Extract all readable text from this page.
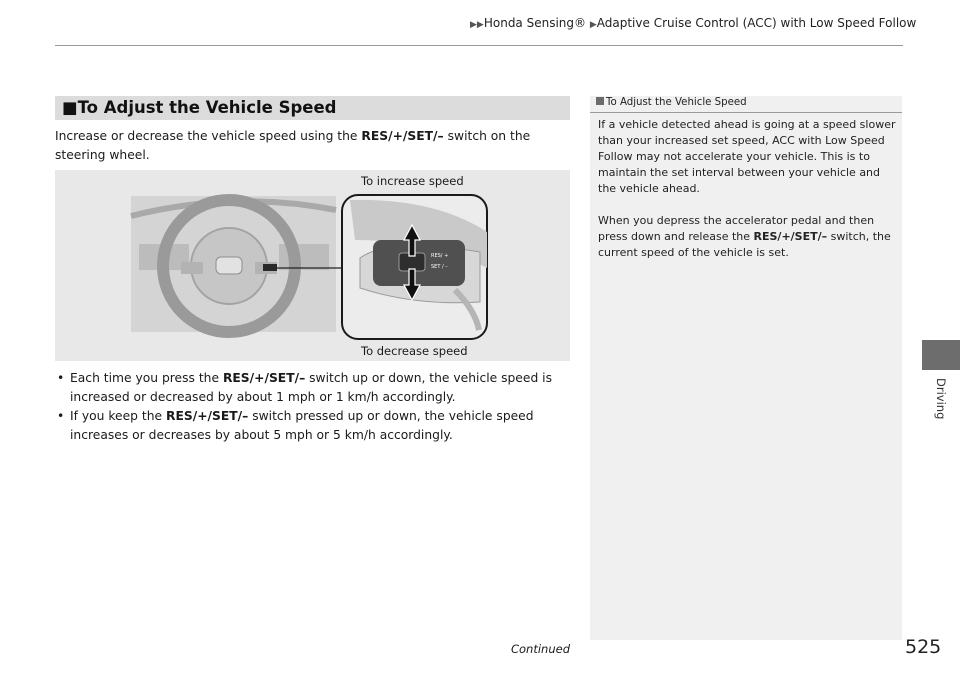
▶▶Honda Sensing® ▶Adaptive Cruise Control (ACC) with Low Speed Follow
■To Adjust the Vehicle Speed
Increase or decrease the vehicle speed using the RES/+/SET/– switch on the steering wheel.
RES/ +
SET / –
To increase speed
To decrease speed
• Each time you press the RES/+/SET/– switch up or down, the vehicle speed is increased or decreased by about 1 mph or 1 km/h accordingly.
• If you keep the RES/+/SET/– switch pressed up or down, the vehicle speed increases or decreases by about 5 mph or 5 km/h accordingly.
To Adjust the Vehicle Speed

If a vehicle detected ahead is going at a speed slower than your increased set speed, ACC with Low Speed Follow may not accelerate your vehicle. This is to maintain the set interval between your vehicle and the vehicle ahead.

When you depress the accelerator pedal and then press down and release the RES/+/SET/– switch, the current speed of the vehicle is set.

Continued	525
Driving
